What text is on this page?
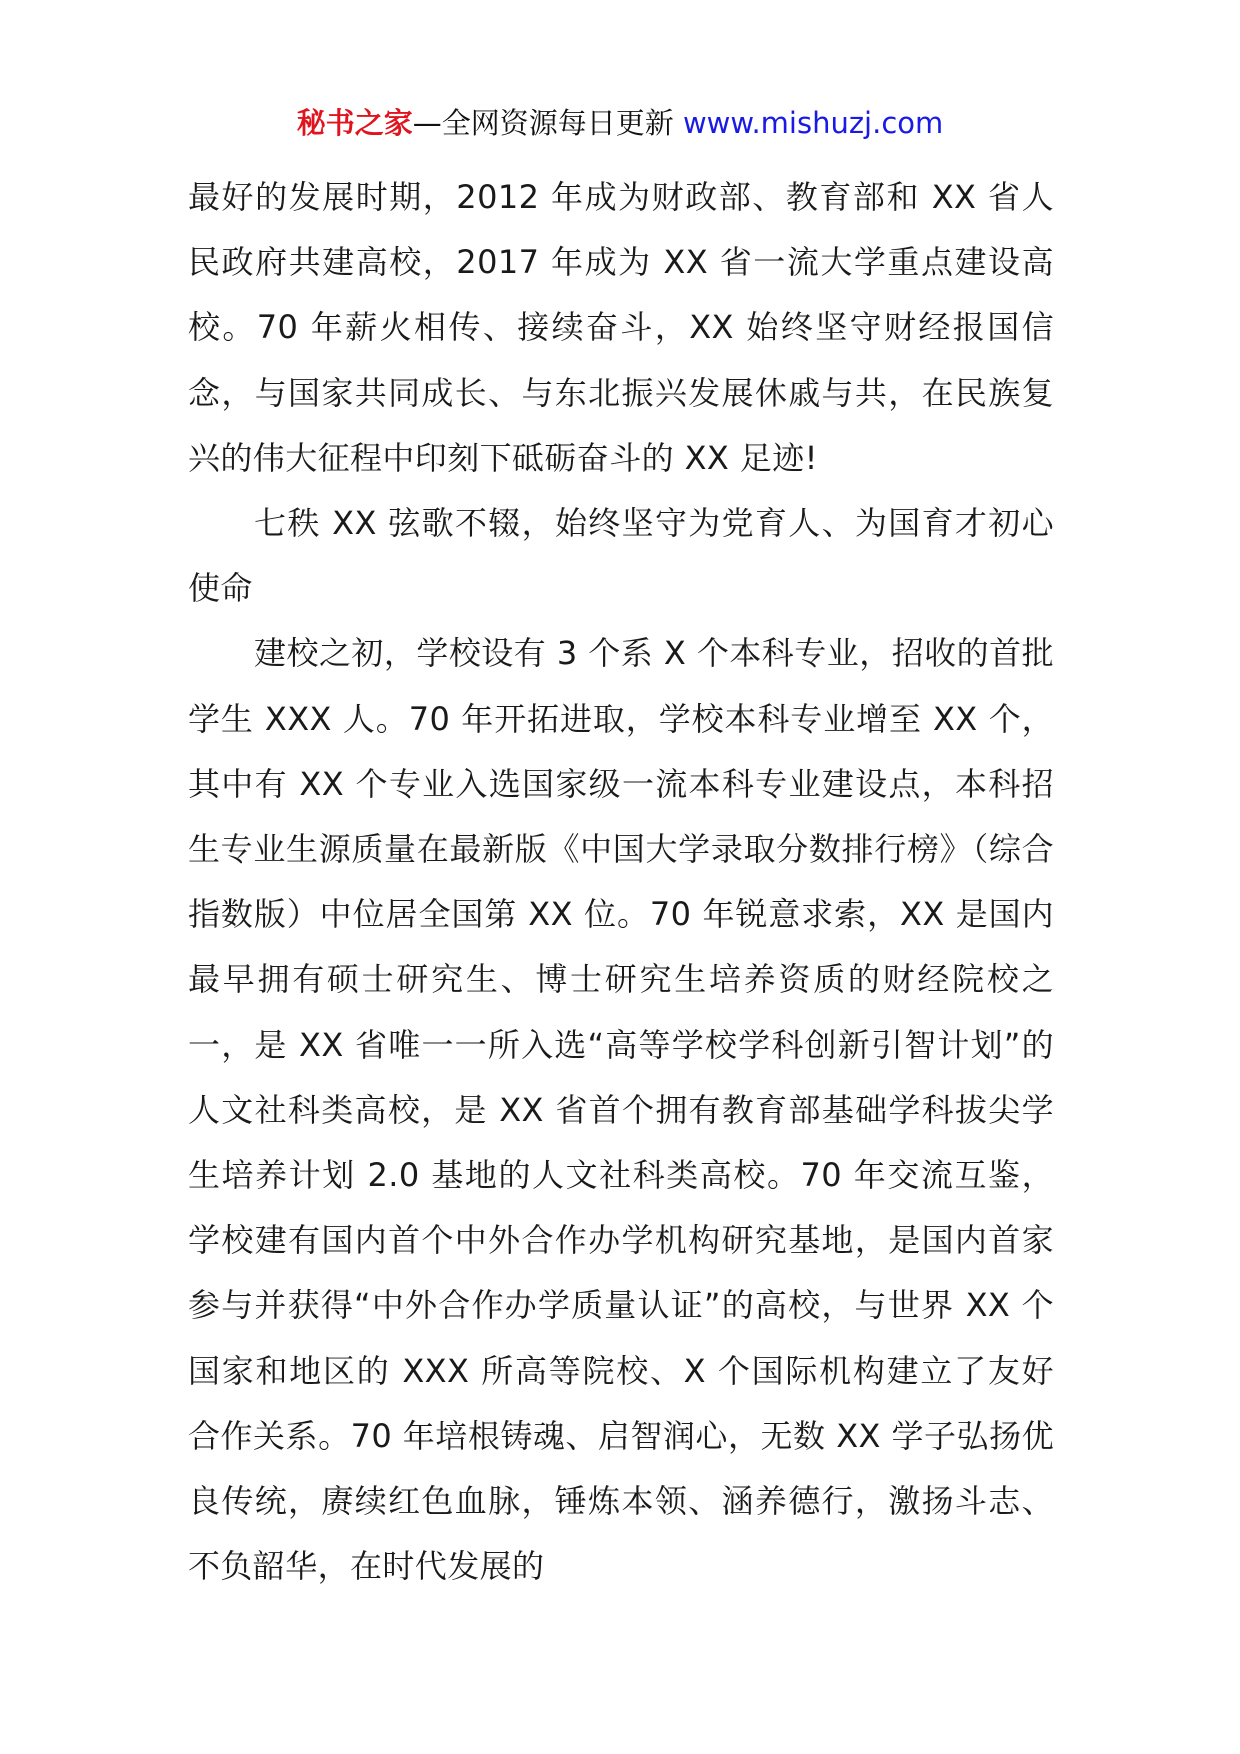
秘书之家—全网资源每日更新 www.mishuzj.com

最好的发展时期，2012 年成为财政部、教育部和 XX 省人民政府共建高校，2017 年成为 XX 省一流大学重点建设高校。70 年薪火相传、接续奋斗，XX 始终坚守财经报国信念，与国家共同成长、与东北振兴发展休戚与共，在民族复兴的伟大征程中印刻下砥砺奋斗的 XX 足迹!

七秩 XX 弦歌不辍，始终坚守为党育人、为国育才初心使命

建校之初，学校设有 3 个系 X 个本科专业，招收的首批学生 XXX 人。70 年开拓进取，学校本科专业增至 XX 个，其中有 XX 个专业入选国家级一流本科专业建设点，本科招生专业生源质量在最新版《中国大学录取分数排行榜》（综合指数版）中位居全国第 XX 位。70 年锐意求索，XX 是国内最早拥有硕士研究生、博士研究生培养资质的财经院校之一，是 XX 省唯一一所入选“高等学校学科创新引智计划”的人文社科类高校，是 XX 省首个拥有教育部基础学科拔尖学生培养计划 2.0 基地的人文社科类高校。70 年交流互鉴，学校建有国内首个中外合作办学机构研究基地，是国内首家参与并获得“中外合作办学质量认证”的高校，与世界 XX 个国家和地区的 XXX 所高等院校、X 个国际机构建立了友好合作关系。70 年培根铸魂、启智润心，无数 XX 学子弘扬优良传统，赓续红色血脉，锤炼本领、涵养德行，激扬斗志、不负韶华，在时代发展的
